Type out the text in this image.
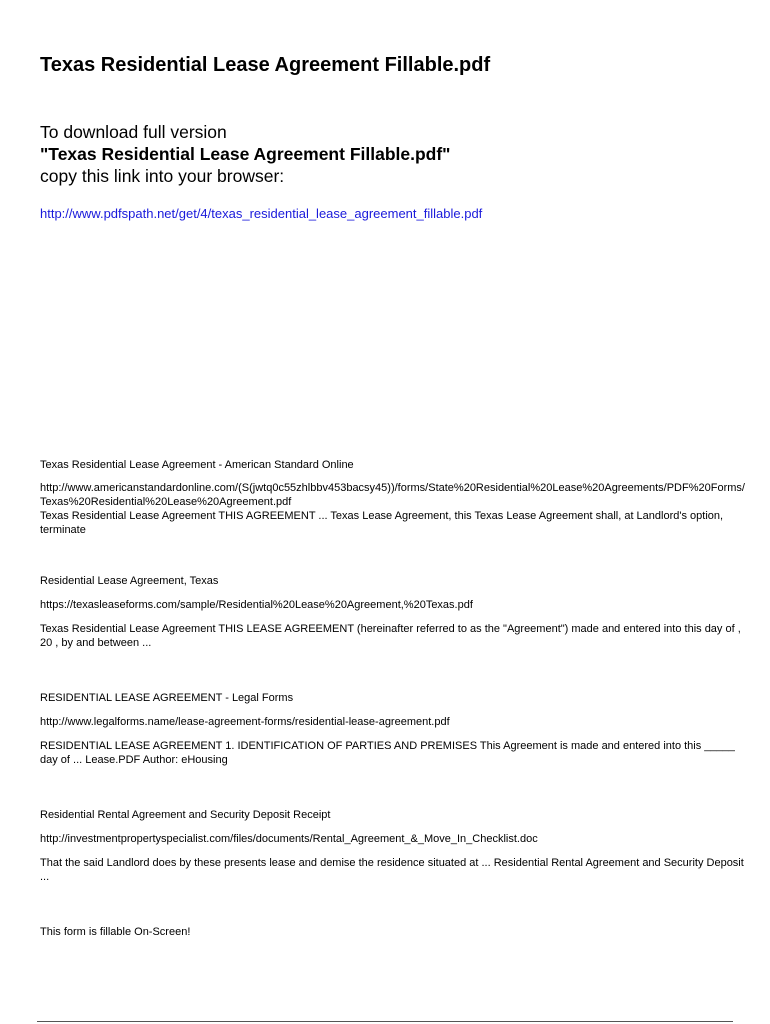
Texas Residential Lease Agreement Fillable.pdf
To download full version
"Texas Residential Lease Agreement Fillable.pdf"
copy this link into your browser:
http://www.pdfspath.net/get/4/texas_residential_lease_agreement_fillable.pdf
Texas Residential Lease Agreement - American Standard Online
http://www.americanstandardonline.com/(S(jwtq0c55zhlbbv453bacsy45))/forms/State%20Residential%20Lease%20Agreements/PDF%20Forms/Texas%20Residential%20Lease%20Agreement.pdf
Texas Residential Lease Agreement THIS AGREEMENT ... Texas Lease Agreement, this Texas Lease Agreement shall, at Landlord's option, terminate
Residential Lease Agreement, Texas
https://texasleaseforms.com/sample/Residential%20Lease%20Agreement,%20Texas.pdf
Texas Residential Lease Agreement THIS LEASE AGREEMENT (hereinafter referred to as the "Agreement") made and entered into this day of , 20 , by and between ...
RESIDENTIAL LEASE AGREEMENT - Legal Forms
http://www.legalforms.name/lease-agreement-forms/residential-lease-agreement.pdf
RESIDENTIAL LEASE AGREEMENT 1. IDENTIFICATION OF PARTIES AND PREMISES This Agreement is made and entered into this _____ day of ... Lease.PDF Author: eHousing
Residential Rental Agreement and Security Deposit Receipt
http://investmentpropertyspecialist.com/files/documents/Rental_Agreement_&_Move_In_Checklist.doc
That the said Landlord does by these presents lease and demise the residence situated at ... Residential Rental Agreement and Security Deposit ...
This form is fillable On-Screen!
